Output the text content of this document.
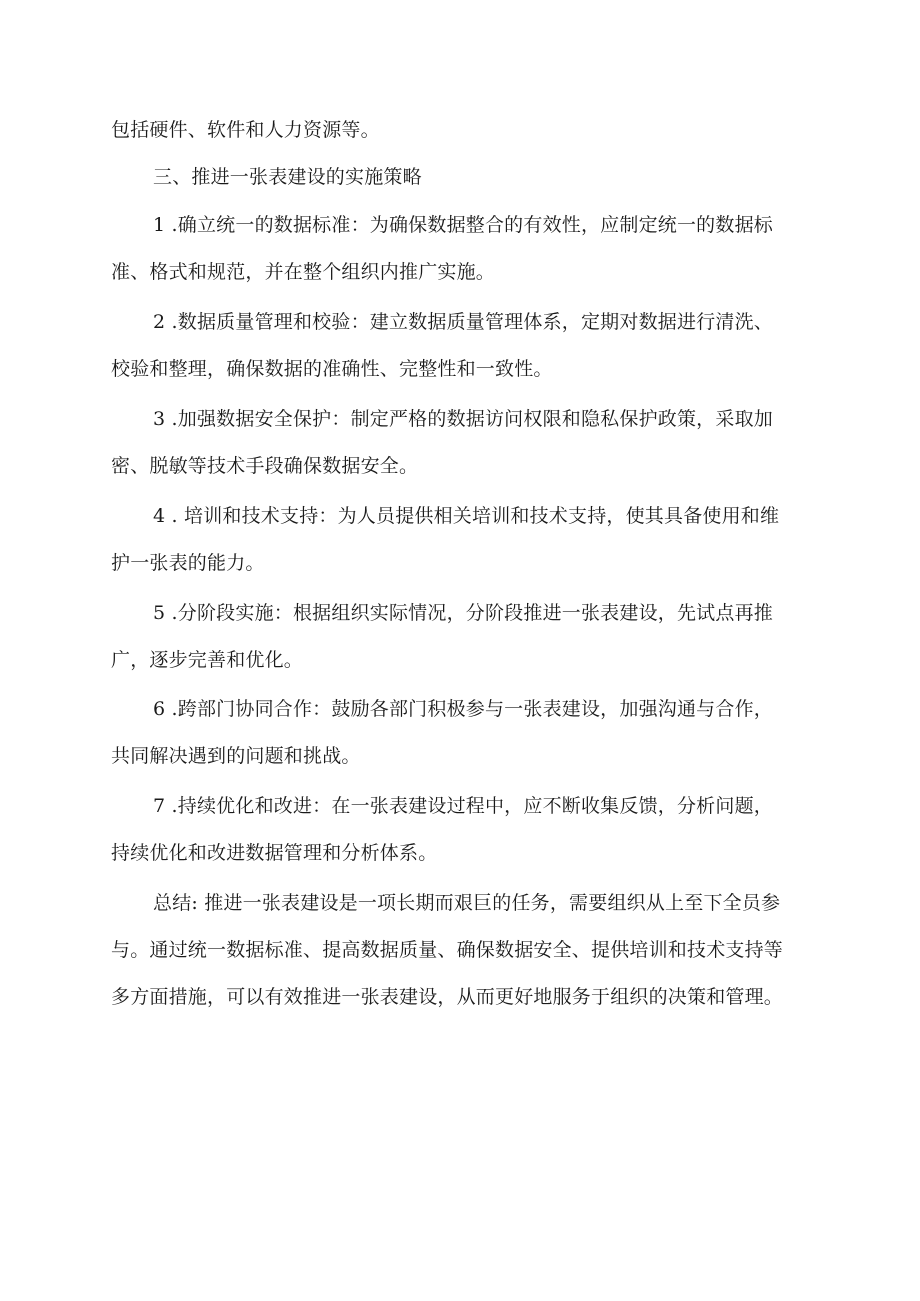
包括硬件、软件和人力资源等。
三、推进一张表建设的实施策略
1 .确立统一的数据标准：为确保数据整合的有效性，应制定统一的数据标
准、格式和规范，并在整个组织内推广实施。
2 .数据质量管理和校验：建立数据质量管理体系，定期对数据进行清洗、
校验和整理，确保数据的准确性、完整性和一致性。
3 .加强数据安全保护：制定严格的数据访问权限和隐私保护政策，采取加
密、脱敏等技术手段确保数据安全。
4 . 培训和技术支持：为人员提供相关培训和技术支持，使其具备使用和维
护一张表的能力。
5 .分阶段实施：根据组织实际情况，分阶段推进一张表建设，先试点再推
广，逐步完善和优化。
6 .跨部门协同合作：鼓励各部门积极参与一张表建设，加强沟通与合作，
共同解决遇到的问题和挑战。
7 .持续优化和改进：在一张表建设过程中，应不断收集反馈，分析问题，
持续优化和改进数据管理和分析体系。
总结: 推进一张表建设是一项长期而艰巨的任务，需要组织从上至下全员参
与。通过统一数据标准、提高数据质量、确保数据安全、提供培训和技术支持等
多方面措施，可以有效推进一张表建设，从而更好地服务于组织的决策和管理。
